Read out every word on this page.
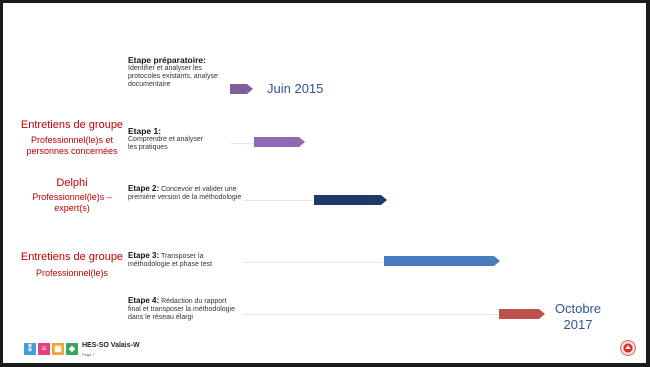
Entretiens de groupe
Professionnel(le)s et personnes concernées
Delphi
Professionnel(le)s – expert(s)
Entretiens de groupe
Professionnel(le)s
Etape préparatoire:
Identifier et analyser les protocoles existants, analyse documentaire
Etape 1:
Comprendre et analyser les pratiques
Etape 2: Concevoir et valider une première version de la méthodologie
Etape 3: Transposer la méthodologie et phase test
Etape 4: Rédaction du rapport final et transposer la méthodologie dans le réseau élargi
Juin 2015
Octobre 2017
⁑	≡ ▦ ◆ HES-SO Valais-W
Page 7
